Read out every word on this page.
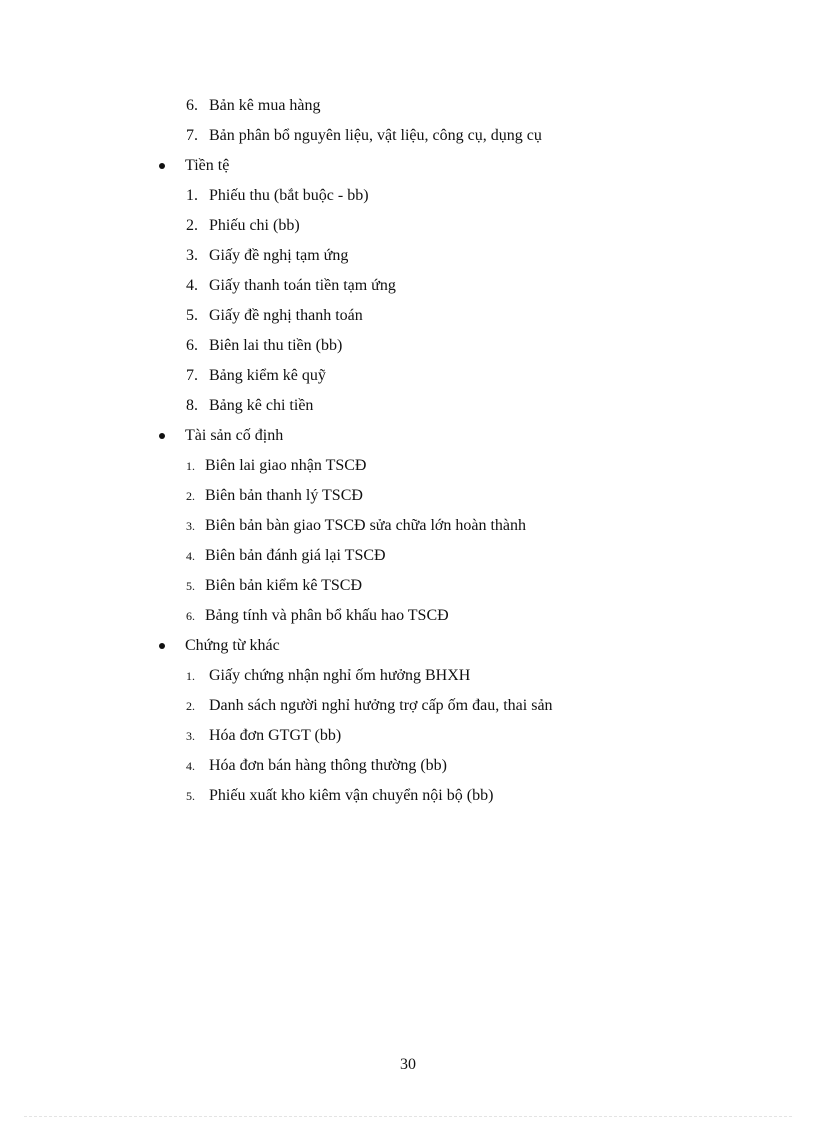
6. Bản kê mua hàng
7. Bản phân bổ nguyên liệu, vật liệu, công cụ, dụng cụ
Tiền tệ
1. Phiếu thu (bắt buộc - bb)
2. Phiếu chi (bb)
3. Giấy đề nghị tạm ứng
4. Giấy thanh toán tiền tạm ứng
5. Giấy đề nghị thanh toán
6. Biên lai thu tiền (bb)
7. Bảng kiểm kê quỹ
8. Bảng kê chi tiền
Tài sản cố định
1. Biên lai giao nhận TSCĐ
2. Biên bản thanh lý TSCĐ
3. Biên bản bàn giao TSCĐ sửa chữa lớn hoàn thành
4. Biên bản đánh giá lại TSCĐ
5. Biên bản kiểm kê TSCĐ
6. Bảng tính và phân bổ khấu hao TSCĐ
Chứng từ khác
1. Giấy chứng nhận nghỉ ốm hưởng BHXH
2. Danh sách người nghỉ hưởng trợ cấp ốm đau, thai sản
3. Hóa đơn GTGT (bb)
4. Hóa đơn bán hàng thông thường (bb)
5. Phiếu xuất kho kiêm vận chuyển nội bộ (bb)
30
